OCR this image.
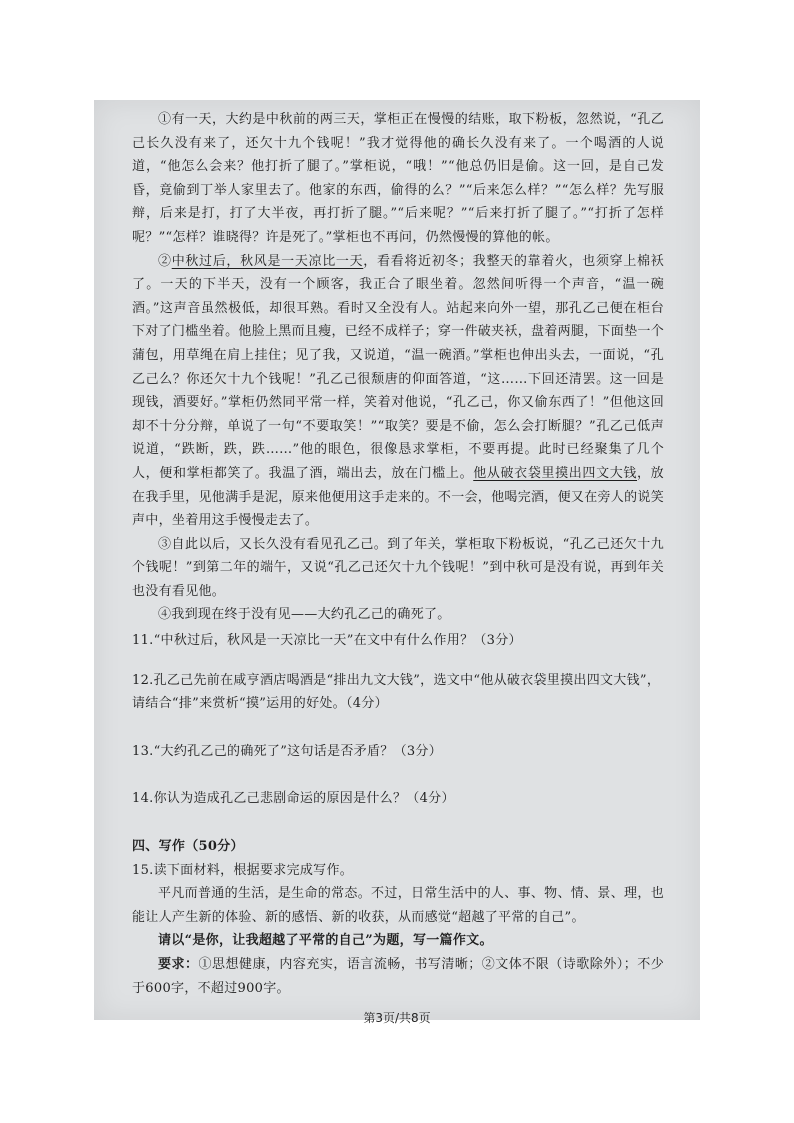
①有一天，大约是中秋前的两三天，掌柜正在慢慢的结账，取下粉板，忽然说，“孔乙己长久没有来了，还欠十九个钱呢！”我才觉得他的确长久没有来了。一个喝酒的人说道，“他怎么会来？他打折了腿了。”掌柜说，“哦！”“他总仍旧是偷。这一回，是自己发昏，竟偷到丁举人家里去了。他家的东西，偷得的么？”“后来怎么样？”“怎么样？先写服辩，后来是打，打了大半夜，再打折了腿。”“后来呢？”“后来打折了腿了。”“打折了怎样呢？”“怎样？谁晓得？许是死了。”掌柜也不再问，仍然慢慢的算他的帐。

②中秋过后，秋风是一天凉比一天，看看将近初冬；我整天的靠着火，也须穿上棉袄了。一天的下半天，没有一个顾客，我正合了眼坐着。忽然间听得一个声音，“温一碗酒。”这声音虽然极低，却很耳熟。看时又全没有人。站起来向外一望，那孔乙己便在柜台下对了门槛坐着。他脸上黑而且瘦，已经不成样子；穿一件破夹袄，盘着两腿，下面垫一个蒲包，用草绳在肩上挂住；见了我，又说道，“温一碗酒。”掌柜也伸出头去，一面说，“孔乙己么？你还欠十九个钱呢！”孔乙己很颓唐的仰面答道，“这……下回还清罢。这一回是现钱，酒要好。”掌柜仍然同平常一样，笑着对他说，“孔乙己，你又偷东西了！”但他这回却不十分分辩，单说了一句“不要取笑！”“取笑？要是不偷，怎么会打断腿？”孔乙己低声说道，“跌断，跌，跌……”他的眼色，很像恳求掌柜，不要再提。此时已经聚集了几个人，便和掌柜都笑了。我温了酒，端出去，放在门槛上。他从破衣袋里摸出四文大钱，放在我手里，见他满手是泥，原来他便用这手走来的。不一会，他喝完酒，便又在旁人的说笑声中，坐着用这手慢慢走去了。

③自此以后，又长久没有看见孔乙己。到了年关，掌柜取下粉板说，“孔乙己还欠十九个钱呢！”到第二年的端午，又说“孔乙己还欠十九个钱呢！”到中秋可是没有说，再到年关也没有看见他。

④我到现在终于没有见——大约孔乙己的确死了。

11.“中秋过后，秋风是一天凉比一天”在文中有什么作用？（3分）

12.孔乙己先前在咸亨酒店喝酒是“排出九文大钱”，选文中“他从破衣袋里摸出四文大钱”，请结合“排”来赏析“摸”运用的好处。（4分）

13.“大约孔乙己的确死了”这句话是否矛盾？（3分）

14.你认为造成孔乙己悲剧命运的原因是什么？（4分）

四、写作（50分）

15.读下面材料，根据要求完成写作。

平凡而普通的生活，是生命的常态。不过，日常生活中的人、事、物、情、景、理，也能让人产生新的体验、新的感悟、新的收获，从而感觉“超越了平常的自己”。

请以“是你，让我超越了平常的自己”为题，写一篇作文。

要求：①思想健康，内容充实，语言流畅，书写清晰；②文体不限（诗歌除外）；不少于600字，不超过900字。

第3页/共8页
